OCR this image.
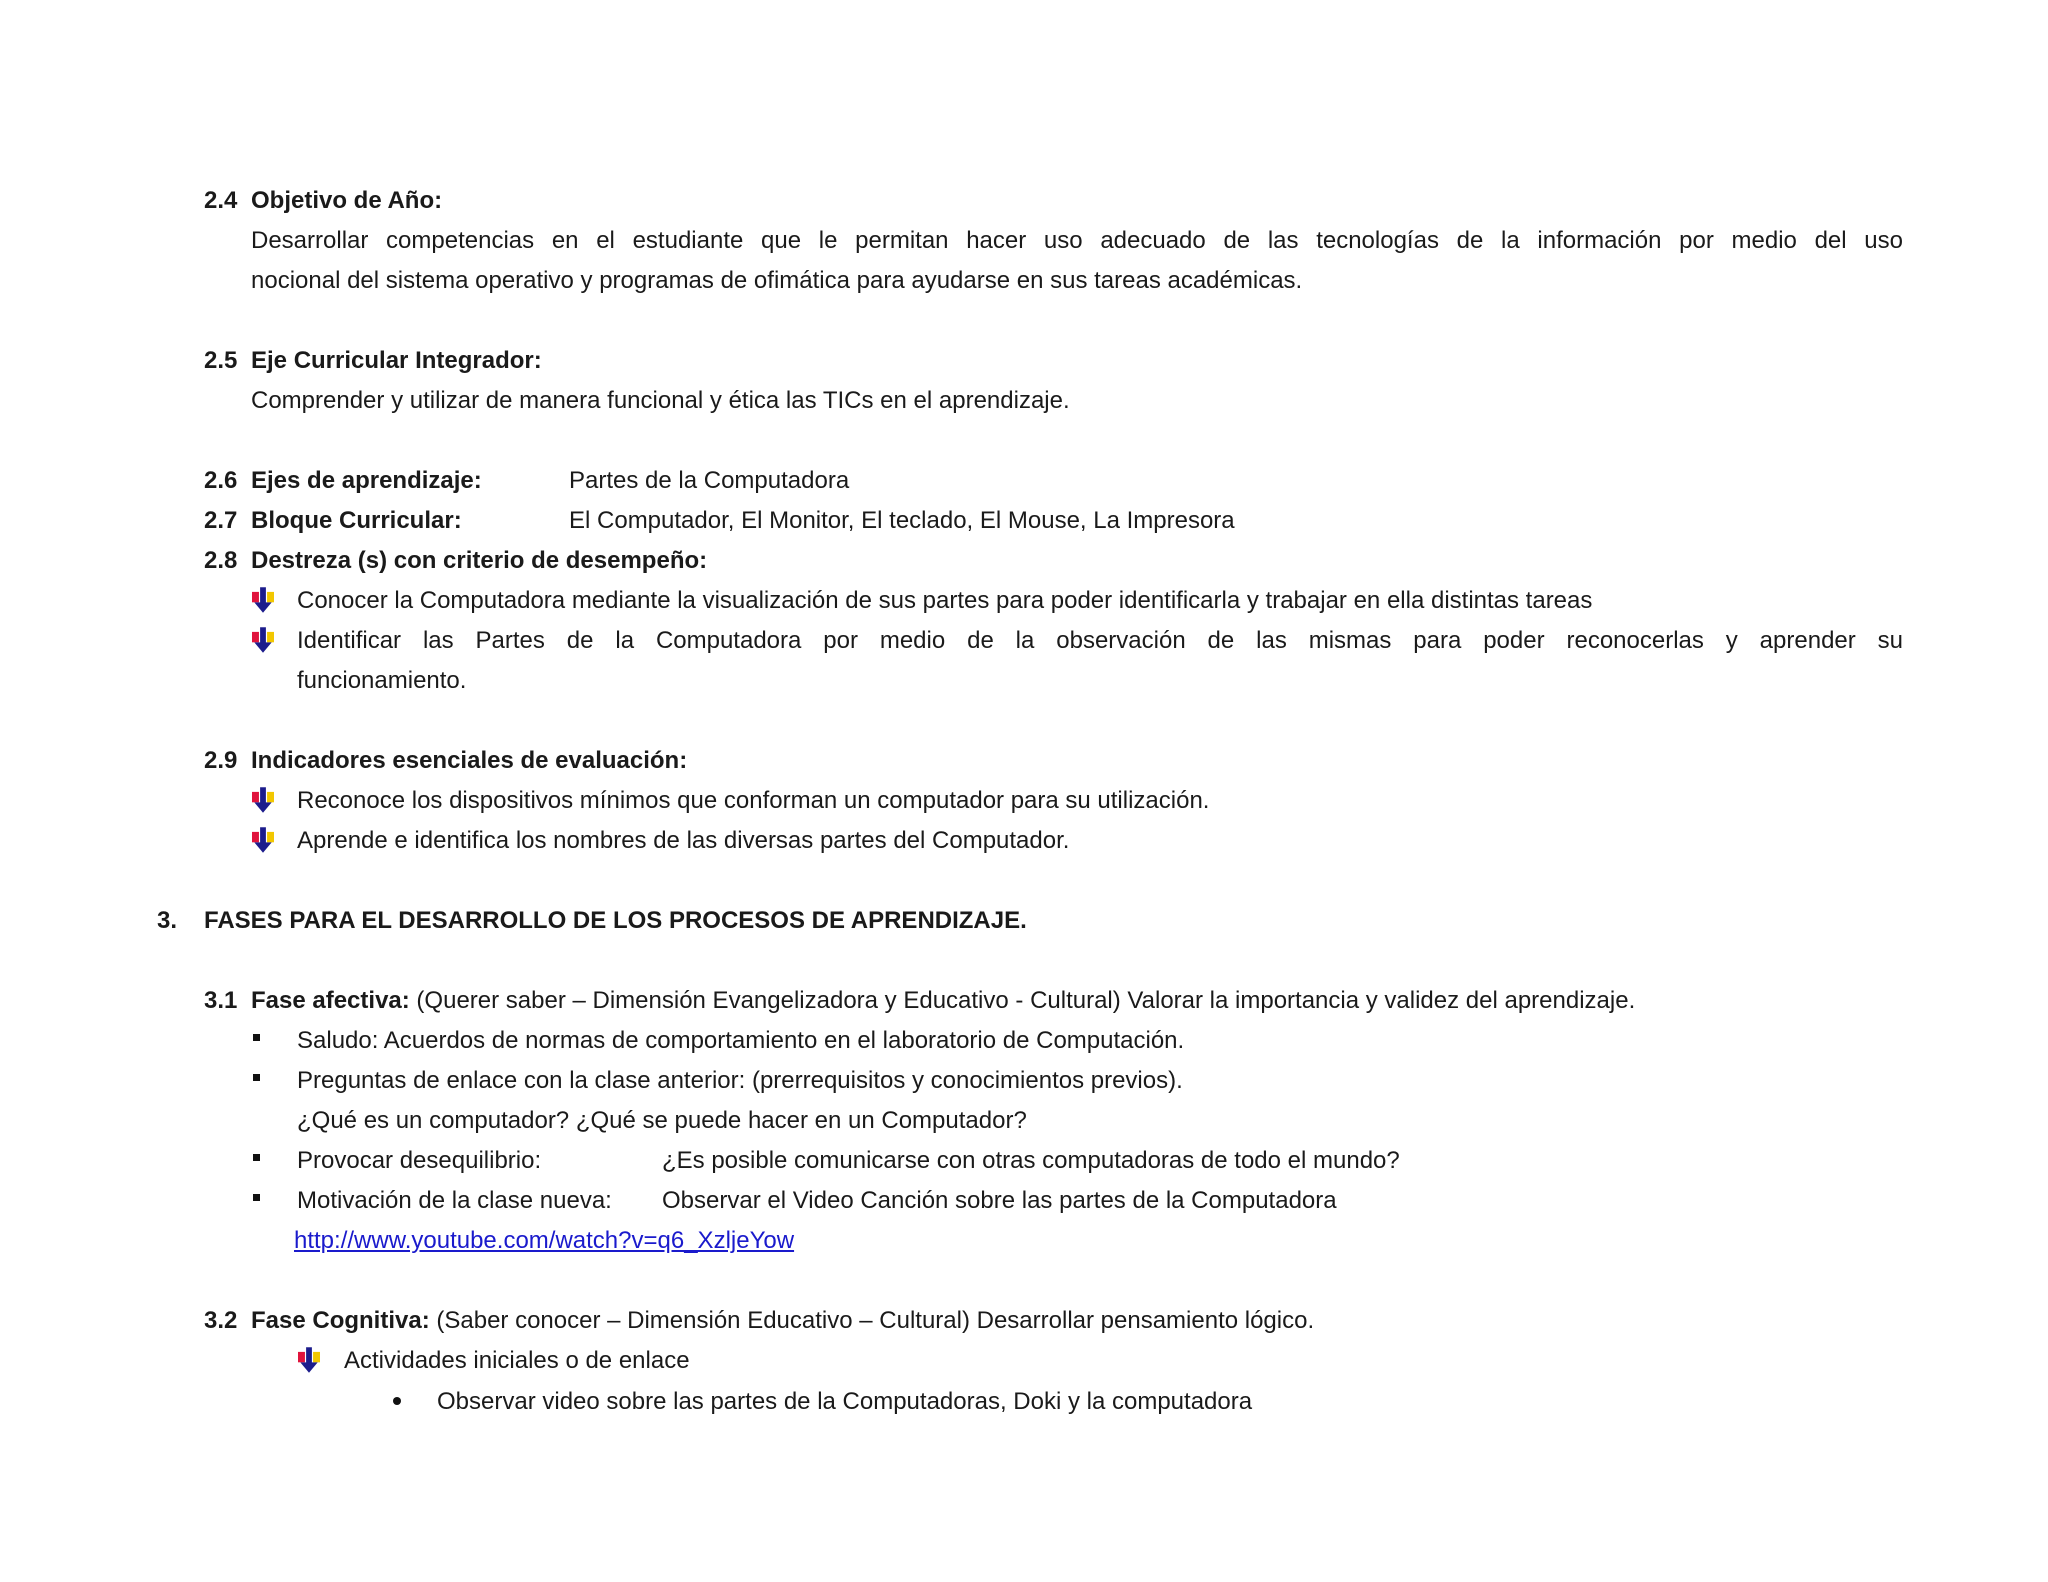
2.4 Objetivo de Año:
Desarrollar competencias en el estudiante que le permitan hacer uso adecuado de las tecnologías de la información por medio del uso
nocional del sistema operativo y programas de ofimática para ayudarse en sus tareas académicas.
2.5 Eje Curricular Integrador:
Comprender y utilizar de manera funcional y ética las TICs en el aprendizaje.
2.6 Ejes de aprendizaje:	Partes de la Computadora
2.7 Bloque Curricular:	El Computador, El Monitor, El teclado, El Mouse, La Impresora
2.8 Destreza (s) con criterio de desempeño:
Conocer la Computadora mediante la visualización de sus partes para poder identificarla y trabajar en ella distintas tareas
Identificar las Partes de la Computadora por medio de la observación de las mismas para poder reconocerlas y aprender su
funcionamiento.
2.9 Indicadores esenciales de evaluación:
Reconoce los dispositivos mínimos que conforman un computador para su utilización.
Aprende e identifica los nombres de las diversas partes del Computador.
3. FASES PARA EL DESARROLLO DE LOS PROCESOS DE APRENDIZAJE.
3.1 Fase afectiva: (Querer saber – Dimensión Evangelizadora y Educativo - Cultural) Valorar la importancia y validez del aprendizaje.
Saludo: Acuerdos de normas de comportamiento en el laboratorio de Computación.
Preguntas de enlace con la clase anterior: (prerrequisitos y conocimientos previos).
¿Qué es un computador? ¿Qué se puede hacer en un Computador?
Provocar desequilibrio:	¿Es posible comunicarse con otras computadoras de todo el mundo?
Motivación de la clase nueva: Observar el Video Canción sobre las partes de la Computadora
http://www.youtube.com/watch?v=q6_XzljeYow
3.2 Fase Cognitiva: (Saber conocer – Dimensión Educativo – Cultural) Desarrollar pensamiento lógico.
Actividades iniciales o de enlace
Observar video sobre las partes de la Computadoras, Doki y la computadora
